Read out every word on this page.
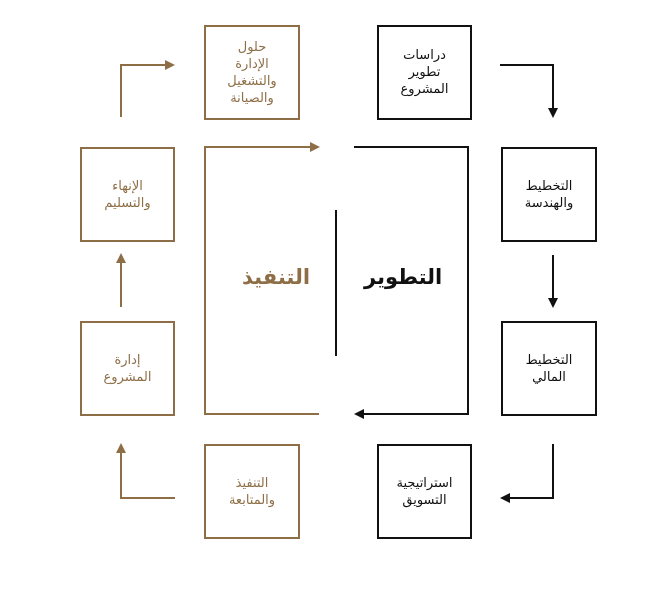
دراسات
تطوير
المشروع
التخطيط
والهندسة
التخطيط
المالي
استراتيجية
التسويق
التنفيذ
والمتابعة
إدارة
المشروع
الإنهاء
والتسليم
حلول
الإدارة
والتشغيل
والصيانة
التطوير
التنفيذ
